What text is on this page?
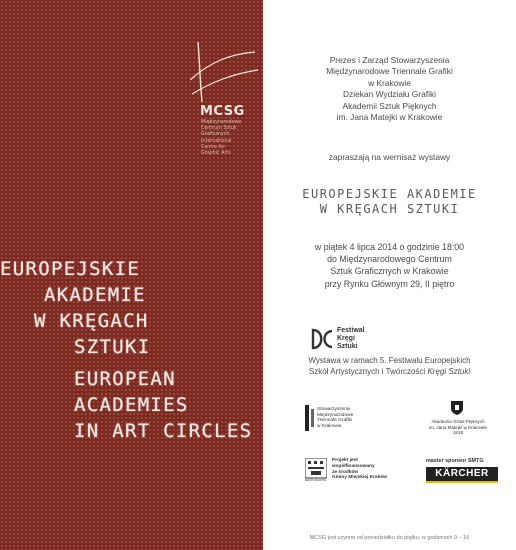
MCSG
Międzynarodowe
Centrum Sztuk
Graficznych
International
Centre for
Graphic Arts

EUROPEJSKIE

AKADEMIE

W KRĘGACH

SZTUKI

EUROPEAN

ACADEMIES

IN ART CIRCLES

Prezes i Zarząd Stowarzyszenia
Międzynarodowe Triennale Grafiki
w Krakowie
Dziekan Wydziału Grafiki
Akademii Sztuk Pięknych
im. Jana Matejki w Krakowie
zapraszają na wernisaż wystawy
EUROPEJSKIE AKADEMIE
W KRĘGACH SZTUKI
w piątek 4 lipca 2014 o godzinie 18:00
do Międzynarodowego Centrum
Sztuk Graficznych w Krakowie
przy Rynku Głównym 29, II piętro
Festiwal
Kręgi
Sztuki
Wystawa w ramach 5. Festiwalu Europejskich
Szkół Artystycznych i Twórczości Kręgi Sztuki
Stowarzyszenie
Międzynarodowe
Triennale Grafiki
w Krakowie
Akademia Sztuk Pięknych
im. Jana Matejki w Krakowie
1818
MIASTO KRAKÓW
Projekt jest
współfinansowany
ze środków
Gminy Miejskiej Kraków
master sponsor SMTG
KÄRCHER
MCSG jest czynne od poniedziałku do piątku, w godzinach 9 – 16
